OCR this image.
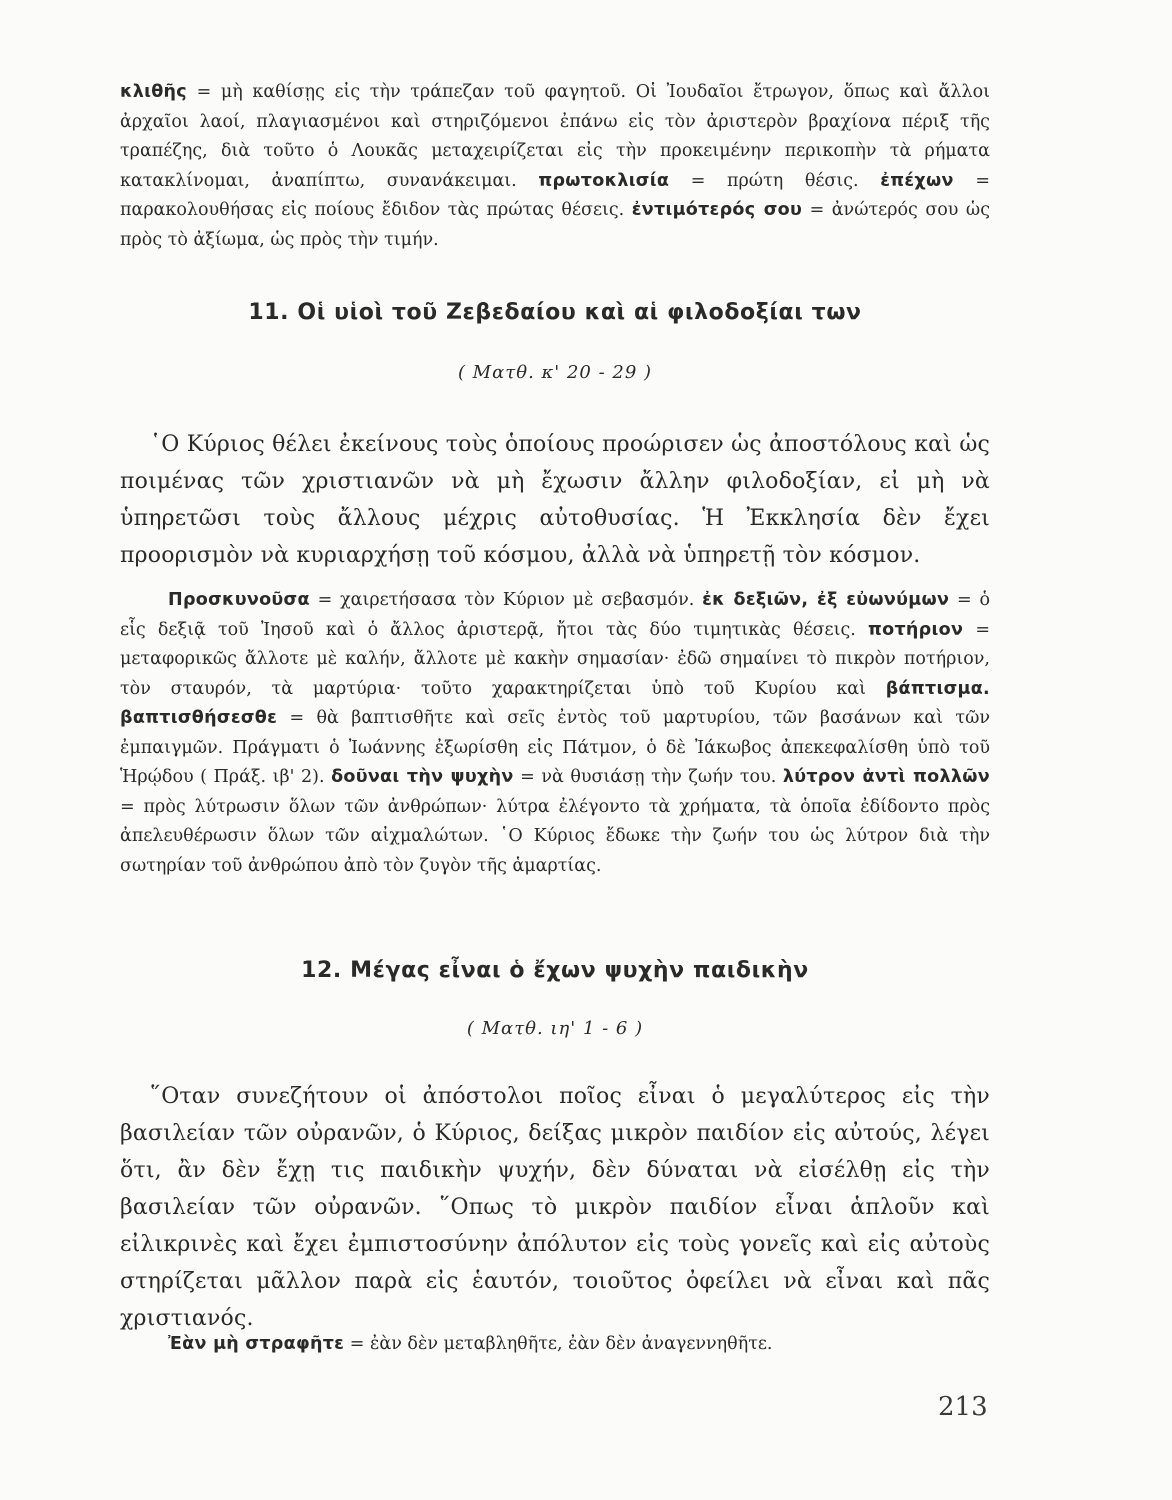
κλιθῆς = μὴ καθίσῃς εἰς τὴν τράπεζαν τοῦ φαγητοῦ. Οἱ Ἰουδαῖοι ἔτρωγον, ὅπως καὶ ἄλλοι ἀρχαῖοι λαοί, πλαγιασμένοι καὶ στηριζόμενοι ἐπάνω εἰς τὸν ἀριστερὸν βραχίονα πέριξ τῆς τραπέζης, διὰ τοῦτο ὁ Λουκᾶς μεταχειρίζεται εἰς τὴν προκειμένην περικοπὴν τὰ ρήματα κατακλίνομαι, ἀναπίπτω, συνανάκειμαι. πρωτοκλισία = πρώτη θέσις. ἐπέχων = παρακολουθήσας εἰς ποίους ἔδιδον τὰς πρώτας θέσεις. ἐντιμότερός σου = ἀνώτερός σου ὡς πρὸς τὸ ἀξίωμα, ὡς πρὸς τὴν τιμήν.

11. Οἱ υἱοὶ τοῦ Ζεβεδαίου καὶ αἱ φιλοδοξίαι των

( Ματθ. κ' 20 - 29 )

῾Ο Κύριος θέλει ἐκείνους τοὺς ὁποίους προώρισεν ὡς ἀποστόλους καὶ ὡς ποιμένας τῶν χριστιανῶν νὰ μὴ ἔχωσιν ἄλλην φιλοδοξίαν, εἰ μὴ νὰ ὑπηρετῶσι τοὺς ἄλλους μέχρις αὐτοθυσίας. Ἡ Ἐκκλησία δὲν ἔχει προορισμὸν νὰ κυριαρχήσῃ τοῦ κόσμου, ἀλλὰ νὰ ὑπηρετῇ τὸν κόσμον.

Προσκυνοῦσα = χαιρετήσασα τὸν Κύριον μὲ σεβασμόν. ἐκ δεξιῶν, ἐξ εὐωνύμων = ὁ εἷς δεξιᾷ τοῦ Ἰησοῦ καὶ ὁ ἄλλος ἀριστερᾷ, ἤτοι τὰς δύο τιμητικὰς θέσεις. ποτήριον = μεταφορικῶς ἄλλοτε μὲ καλήν, ἄλλοτε μὲ κακὴν σημασίαν· ἐδῶ σημαίνει τὸ πικρὸν ποτήριον, τὸν σταυρόν, τὰ μαρτύρια· τοῦτο χαρακτηρίζεται ὑπὸ τοῦ Κυρίου καὶ βάπτισμα. βαπτισθήσεσθε = θὰ βαπτισθῆτε καὶ σεῖς ἐντὸς τοῦ μαρτυρίου, τῶν βασάνων καὶ τῶν ἐμπαιγμῶν. Πράγματι ὁ Ἰωάννης ἐξωρίσθη εἰς Πάτμον, ὁ δὲ Ἰάκωβος ἀπεκεφαλίσθη ὑπὸ τοῦ Ἡρῴδου ( Πράξ. ιβ' 2). δοῦναι τὴν ψυχὴν = νὰ θυσιάσῃ τὴν ζωήν του. λύτρον ἀντὶ πολλῶν = πρὸς λύτρωσιν ὅλων τῶν ἀνθρώπων· λύτρα ἐλέγοντο τὰ χρήματα, τὰ ὁποῖα ἐδίδοντο πρὸς ἀπελευθέρωσιν ὅλων τῶν αἰχμαλώτων. ῾Ο Κύριος ἔδωκε τὴν ζωήν του ὡς λύτρον διὰ τὴν σωτηρίαν τοῦ ἀνθρώπου ἀπὸ τὸν ζυγὸν τῆς ἁμαρτίας.

12. Μέγας εἶναι ὁ ἔχων ψυχὴν παιδικὴν

( Ματθ. ιη' 1 - 6 )

῞Οταν συνεζήτουν οἱ ἀπόστολοι ποῖος εἶναι ὁ μεγαλύτερος εἰς τὴν βασιλείαν τῶν οὐρανῶν, ὁ Κύριος, δείξας μικρὸν παιδίον εἰς αὐτούς, λέγει ὅτι, ἂν δὲν ἔχῃ τις παιδικὴν ψυχήν, δὲν δύναται νὰ εἰσέλθῃ εἰς τὴν βασιλείαν τῶν οὐρανῶν. ῞Οπως τὸ μικρὸν παιδίον εἶναι ἁπλοῦν καὶ εἰλικρινὲς καὶ ἔχει ἐμπιστοσύνην ἀπόλυτον εἰς τοὺς γονεῖς καὶ εἰς αὐτοὺς στηρίζεται μᾶλλον παρὰ εἰς ἑαυτόν, τοιοῦτος ὀφείλει νὰ εἶναι καὶ πᾶς χριστιανός.

Ἐὰν μὴ στραφῆτε = ἐὰν δὲν μεταβληθῆτε, ἐὰν δὲν ἀναγεννηθῆτε.

213
